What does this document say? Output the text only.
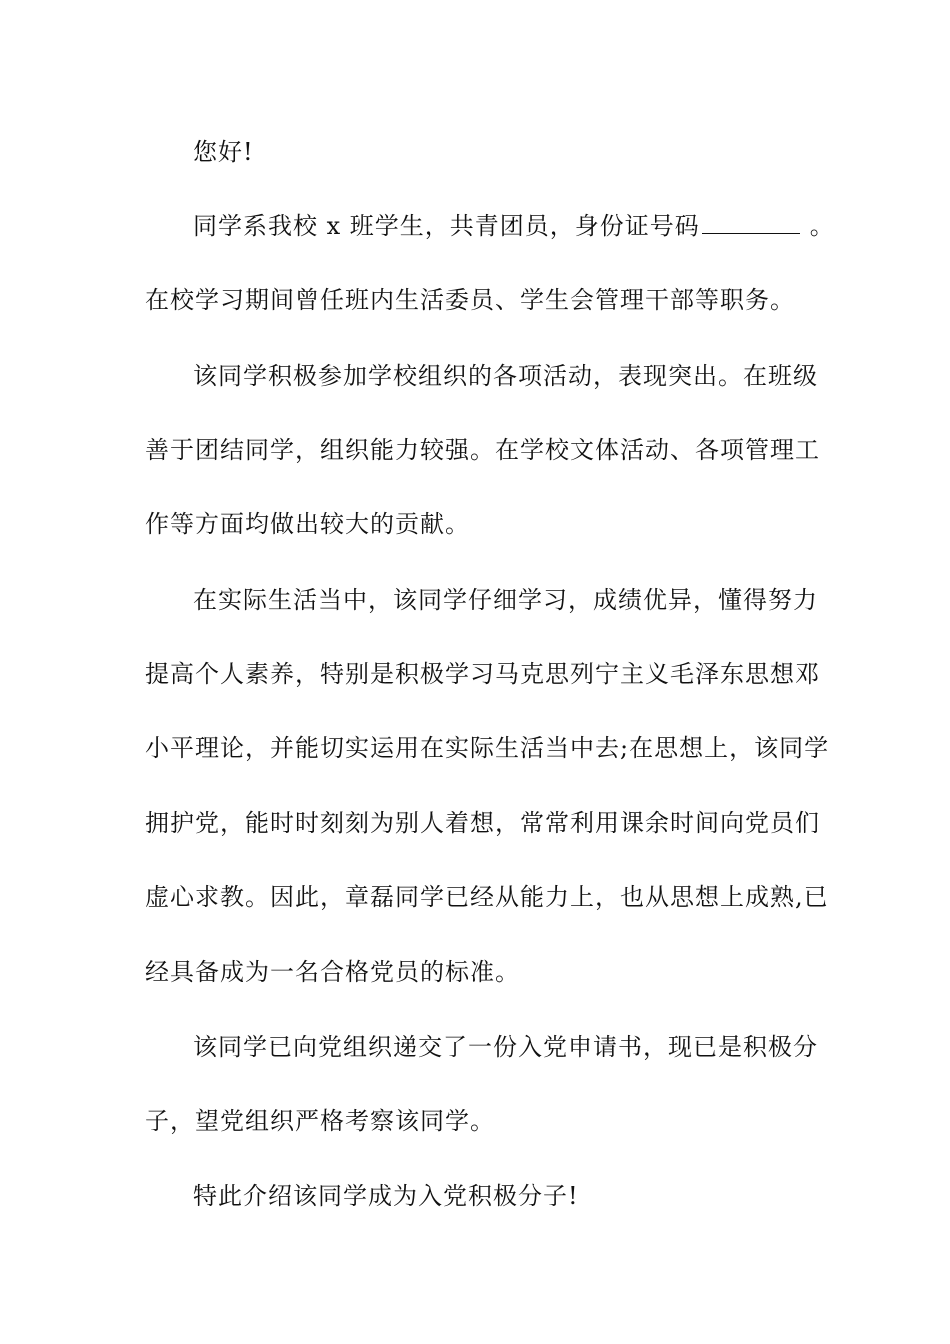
您好!
同学系我校 x 班学生，共青团员，身份证号码	。
在校学习期间曾任班内生活委员、学生会管理干部等职务。
该同学积极参加学校组织的各项活动，表现突出。在班级
善于团结同学，组织能力较强。在学校文体活动、各项管理工
作等方面均做出较大的贡献。
在实际生活当中，该同学仔细学习，成绩优异，懂得努力
提高个人素养，特别是积极学习马克思列宁主义毛泽东思想邓
小平理论，并能切实运用在实际生活当中去;在思想上，该同学
拥护党，能时时刻刻为别人着想，常常利用课余时间向党员们
虚心求教。因此，章磊同学已经从能力上，也从思想上成熟,已
经具备成为一名合格党员的标准。
该同学已向党组织递交了一份入党申请书，现已是积极分
子，望党组织严格考察该同学。
特此介绍该同学成为入党积极分子!
